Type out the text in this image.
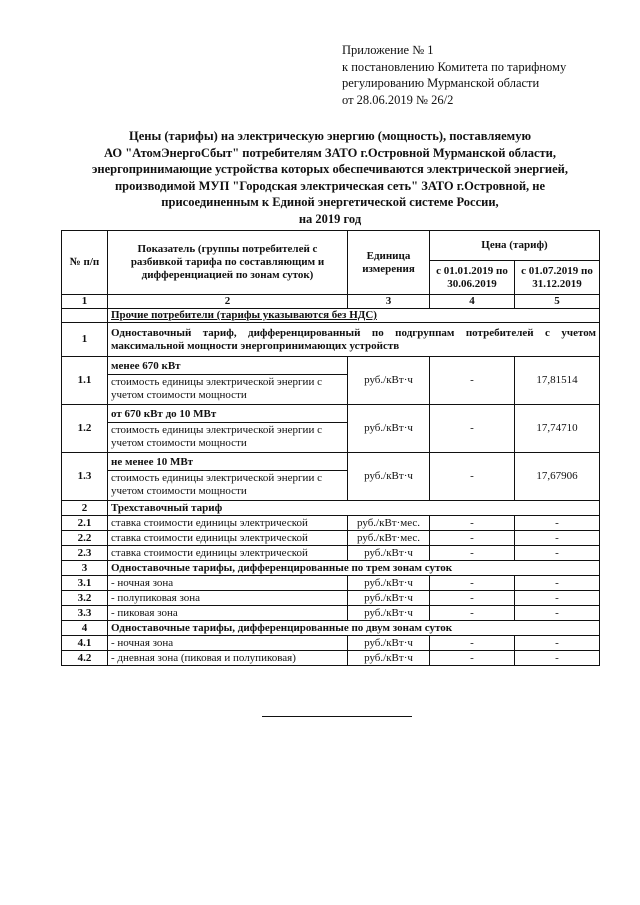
Приложение № 1
к постановлению Комитета по тарифному
регулированию Мурманской области
от 28.06.2019 № 26/2
Цены (тарифы) на электрическую энергию (мощность), поставляемую
АО "АтомЭнергоСбыт" потребителям ЗАТО г.Островной Мурманской области,
энергопринимающие устройства которых обеспечиваются электрической энергией,
производимой МУП "Городская электрическая сеть" ЗАТО г.Островной, не
присоединенным к Единой энергетической системе России,
на 2019 год
№ п/п	Показатель (группы потребителей с разбивкой тарифа по составляющим и дифференциацией по зонам суток)	Единица измерения	Цена (тариф)	
			с 01.01.2019 по 30.06.2019	с 01.07.2019 по 31.12.2019
1	2	3	4	5
	Прочие потребители (тарифы указываются без НДС)			
1	Одноставочный тариф, дифференцированный по подгруппам потребителей с учетом максимальной мощности энергопринимающих устройств			
1.1	менее 670 кВт
стоимость единицы электрической энергии с учетом стоимости мощности	руб./кВт·ч	-	17,81514
1.2	от 670 кВт до 10 МВт
стоимость единицы электрической энергии с учетом стоимости мощности	руб./кВт·ч	-	17,74710
1.3	не менее 10 МВт
стоимость единицы электрической энергии с учетом стоимости мощности	руб./кВт·ч	-	17,67906
2	Трехставочный тариф			
2.1	ставка стоимости единицы электрической	руб./кВт·мес.	-	-
2.2	ставка стоимости единицы электрической	руб./кВт·мес.	-	-
2.3	ставка стоимости единицы электрической	руб./кВт·ч	-	-
3	Одноставочные тарифы, дифференцированные по трем зонам суток			
3.1	- ночная зона	руб./кВт·ч	-	-
3.2	- полупиковая зона	руб./кВт·ч	-	-
3.3	- пиковая зона	руб./кВт·ч	-	-
4	Одноставочные тарифы, дифференцированные по двум зонам суток			
4.1	- ночная зона	руб./кВт·ч	-	-
4.2	- дневная зона (пиковая и полупиковая)	руб./кВт·ч	-	-
